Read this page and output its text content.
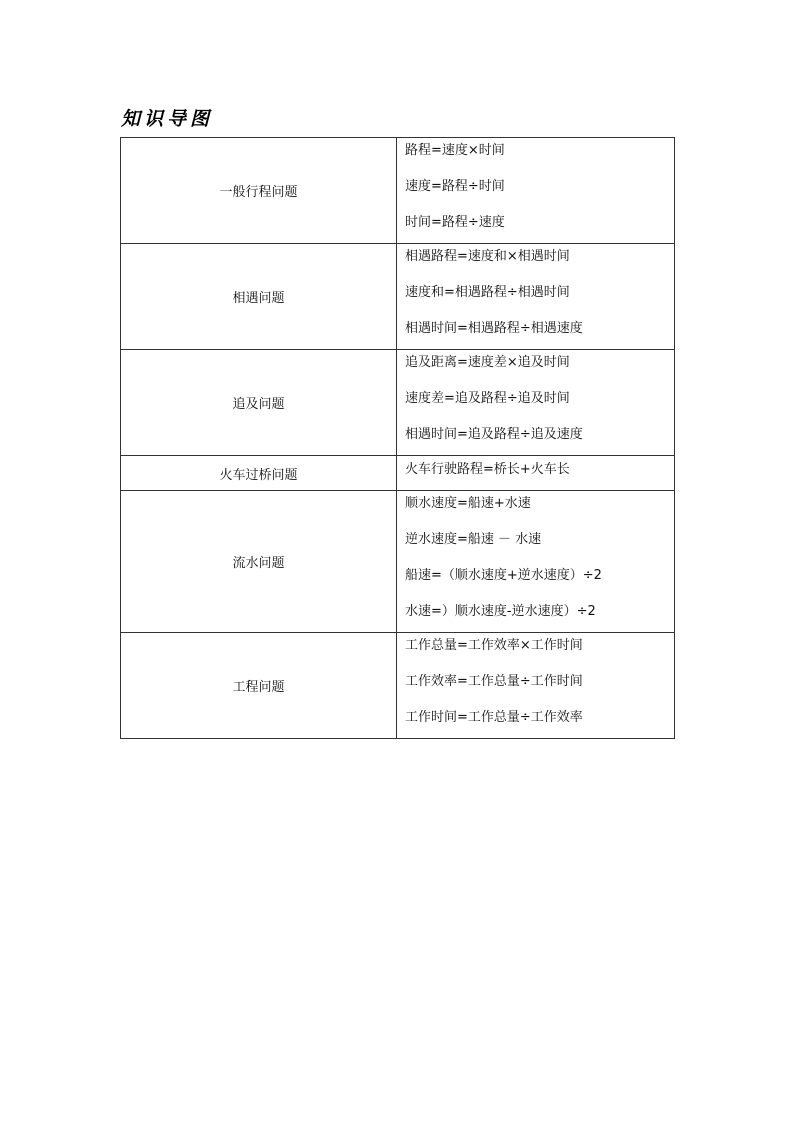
知识导图
一般行程问题	路程=速度×时间
速度=路程÷时间
时间=路程÷速度

相遇问题	相遇路程=速度和×相遇时间
速度和=相遇路程÷相遇时间
相遇时间=相遇路程÷相遇速度

追及问题	追及距离=速度差×追及时间
速度差=追及路程÷追及时间
相遇时间=追及路程÷追及速度

火车过桥问题	火车行驶路程=桥长+火车长

流水问题	顺水速度=船速+水速
逆水速度=船速 － 水速
船速=（顺水速度+逆水速度）÷2
水速=）顺水速度-逆水速度）÷2

工程问题	工作总量=工作效率×工作时间
工作效率=工作总量÷工作时间
工作时间=工作总量÷工作效率
